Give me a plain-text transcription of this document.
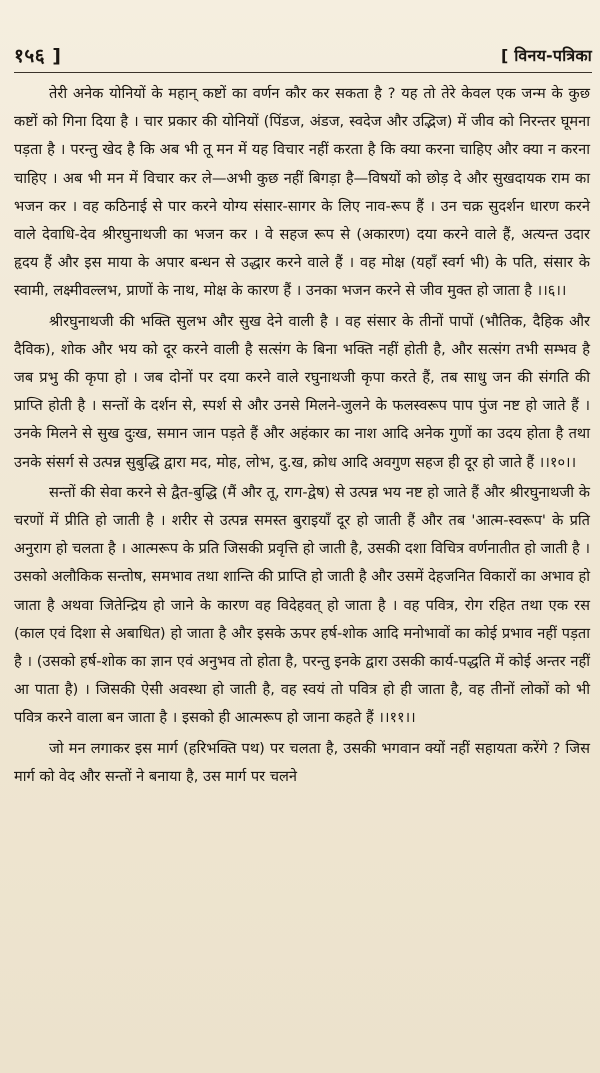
१५६ ]	[ विनय-पत्रिका

तेरी अनेक योनियों के महान् कष्टों का वर्णन कौर कर सकता है ? यह तो तेरे केवल एक जन्म के कुछ कष्टों को गिना दिया है । चार प्रकार की योनियों (पिंडज, अंडज, स्वदेज और उद्भिज) में जीव को निरन्तर घूमना पड़ता है । परन्तु खेद है कि अब भी तू मन में यह विचार नहीं करता है कि क्या करना चाहिए और क्या न करना चाहिए । अब भी मन में विचार कर ले—अभी कुछ नहीं बिगड़ा है—विषयों को छोड़ दे और सुखदायक राम का भजन कर । वह कठिनाई से पार करने योग्य संसार-सागर के लिए नाव-रूप हैं । उन चक्र सुदर्शन धारण करने वाले देवाधि-देव श्रीरघुनाथजी का भजन कर । वे सहज रूप से (अकारण) दया करने वाले हैं, अत्यन्त उदार हृदय हैं और इस माया के अपार बन्धन से उद्धार करने वाले हैं । वह मोक्ष (यहाँ स्वर्ग भी) के पति, संसार के स्वामी, लक्ष्मीवल्लभ, प्राणों के नाथ, मोक्ष के कारण हैं । उनका भजन करने से जीव मुक्त हो जाता है ।।६।।

श्रीरघुनाथजी की भक्ति सुलभ और सुख देने वाली है । वह संसार के तीनों पापों (भौतिक, दैहिक और दैविक), शोक और भय को दूर करने वाली है सत्संग के बिना भक्ति नहीं होती है, और सत्संग तभी सम्भव है जब प्रभु की कृपा हो । जब दोनों पर दया करने वाले रघुनाथजी कृपा करते हैं, तब साधु जन की संगति की प्राप्ति होती है । सन्तों के दर्शन से, स्पर्श से और उनसे मिलने-जुलने के फलस्वरूप पाप पुंज नष्ट हो जाते हैं । उनके मिलने से सुख दुःख, समान जान पड़ते हैं और अहंकार का नाश आदि अनेक गुणों का उदय होता है तथा उनके संसर्ग से उत्पन्न सुबुद्धि द्वारा मद, मोह, लोभ, दु.ख, क्रोध आदि अवगुण सहज ही दूर हो जाते हैं ।।१०।।

सन्तों की सेवा करने से द्वैत-बुद्धि (मैं और तू, राग-द्वेष) से उत्पन्न भय नष्ट हो जाते हैं और श्रीरघुनाथजी के चरणों में प्रीति हो जाती है । शरीर से उत्पन्न समस्त बुराइयाँ दूर हो जाती हैं और तब 'आत्म-स्वरूप' के प्रति अनुराग हो चलता है । आत्मरूप के प्रति जिसकी प्रवृत्ति हो जाती है, उसकी दशा विचित्र वर्णनातीत हो जाती है । उसको अलौकिक सन्तोष, समभाव तथा शान्ति की प्राप्ति हो जाती है और उसमें देहजनित विकारों का अभाव हो जाता है अथवा जितेन्द्रिय हो जाने के कारण वह विदेहवत् हो जाता है । वह पवित्र, रोग रहित तथा एक रस (काल एवं दिशा से अबाधित) हो जाता है और इसके ऊपर हर्ष-शोक आदि मनोभावों का कोई प्रभाव नहीं पड़ता है । (उसको हर्ष-शोक का ज्ञान एवं अनुभव तो होता है, परन्तु इनके द्वारा उसकी कार्य-पद्धति में कोई अन्तर नहीं आ पाता है) । जिसकी ऐसी अवस्था हो जाती है, वह स्वयं तो पवित्र हो ही जाता है, वह तीनों लोकों को भी पवित्र करने वाला बन जाता है । इसको ही आत्मरूप हो जाना कहते हैं ।।११।।

जो मन लगाकर इस मार्ग (हरिभक्ति पथ) पर चलता है, उसकी भगवान क्यों नहीं सहायता करेंगे ? जिस मार्ग को वेद और सन्तों ने बनाया है, उस मार्ग पर चलने
